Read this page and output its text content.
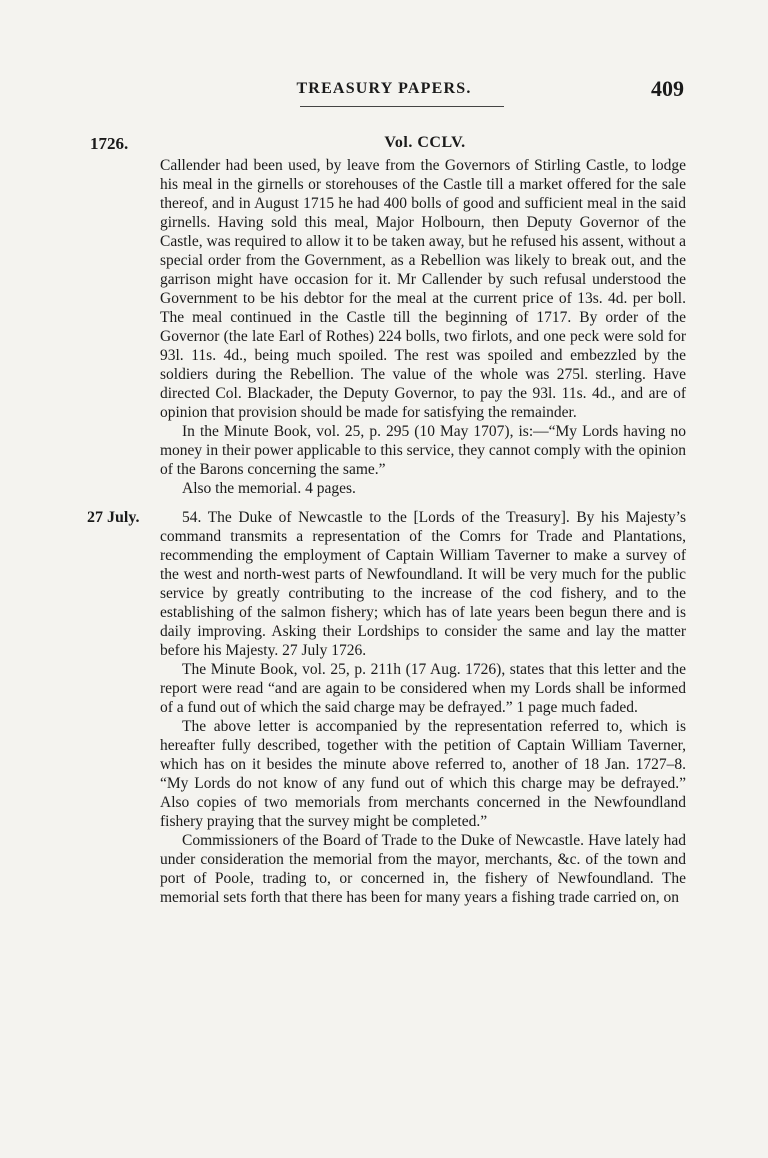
TREASURY PAPERS.	409
1726.	Vol. CCLV.

Callender had been used, by leave from the Governors of Stirling Castle, to lodge his meal in the girnells or storehouses of the Castle till a market offered for the sale thereof, and in August 1715 he had 400 bolls of good and sufficient meal in the said girnells. Having sold this meal, Major Holbourn, then Deputy Governor of the Castle, was required to allow it to be taken away, but he refused his assent, without a special order from the Government, as a Rebellion was likely to break out, and the garrison might have occasion for it. Mr Callender by such refusal understood the Government to be his debtor for the meal at the current price of 13s. 4d. per boll. The meal continued in the Castle till the beginning of 1717. By order of the Governor (the late Earl of Rothes) 224 bolls, two firlots, and one peck were sold for 93l. 11s. 4d., being much spoiled. The rest was spoiled and embezzled by the soldiers during the Rebellion. The value of the whole was 275l. sterling. Have directed Col. Blackader, the Deputy Governor, to pay the 93l. 11s. 4d., and are of opinion that provision should be made for satisfying the remainder.

In the Minute Book, vol. 25, p. 295 (10 May 1707), is:—“My Lords having no money in their power applicable to this service, they cannot comply with the opinion of the Barons concerning the same.”

Also the memorial. 4 pages.

27 July.	54. The Duke of Newcastle to the [Lords of the Treasury]. By his Majesty’s command transmits a representation of the Comrs for Trade and Plantations, recommending the employment of Captain William Taverner to make a survey of the west and north-west parts of Newfoundland. It will be very much for the public service by greatly contributing to the increase of the cod fishery, and to the establishing of the salmon fishery; which has of late years been begun there and is daily improving. Asking their Lordships to consider the same and lay the matter before his Majesty. 27 July 1726.

The Minute Book, vol. 25, p. 211h (17 Aug. 1726), states that this letter and the report were read “and are again to be considered when my Lords shall be informed of a fund out of which the said charge may be defrayed.” 1 page much faded.

The above letter is accompanied by the representation referred to, which is hereafter fully described, together with the petition of Captain William Taverner, which has on it besides the minute above referred to, another of 18 Jan. 1727–8. “My Lords do not know of any fund out of which this charge may be defrayed.” Also copies of two memorials from merchants concerned in the Newfoundland fishery praying that the survey might be completed.”

Commissioners of the Board of Trade to the Duke of Newcastle. Have lately had under consideration the memorial from the mayor, merchants, &c. of the town and port of Poole, trading to, or concerned in, the fishery of Newfoundland. The memorial sets forth that there has been for many years a fishing trade carried on, on
